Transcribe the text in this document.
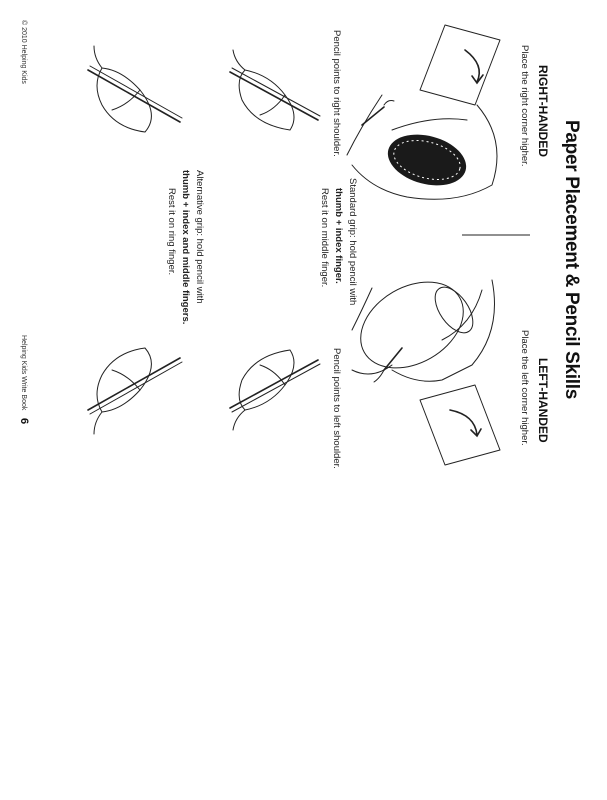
Paper Placement & Pencil Skills
LEFT-HANDED
RIGHT-HANDED
Place the left corner higher.
Place the right corner higher.
Pencil points to left shoulder.
Pencil points to right shoulder.
Standard grip: hold pencil with
thumb + index finger.
Rest it on middle finger.
Alternative grip: hold pencil with
thumb + index and middle fingers.
Rest it on ring finger.
6
Helping Kids Write Book
© 2010 Helping Kids
